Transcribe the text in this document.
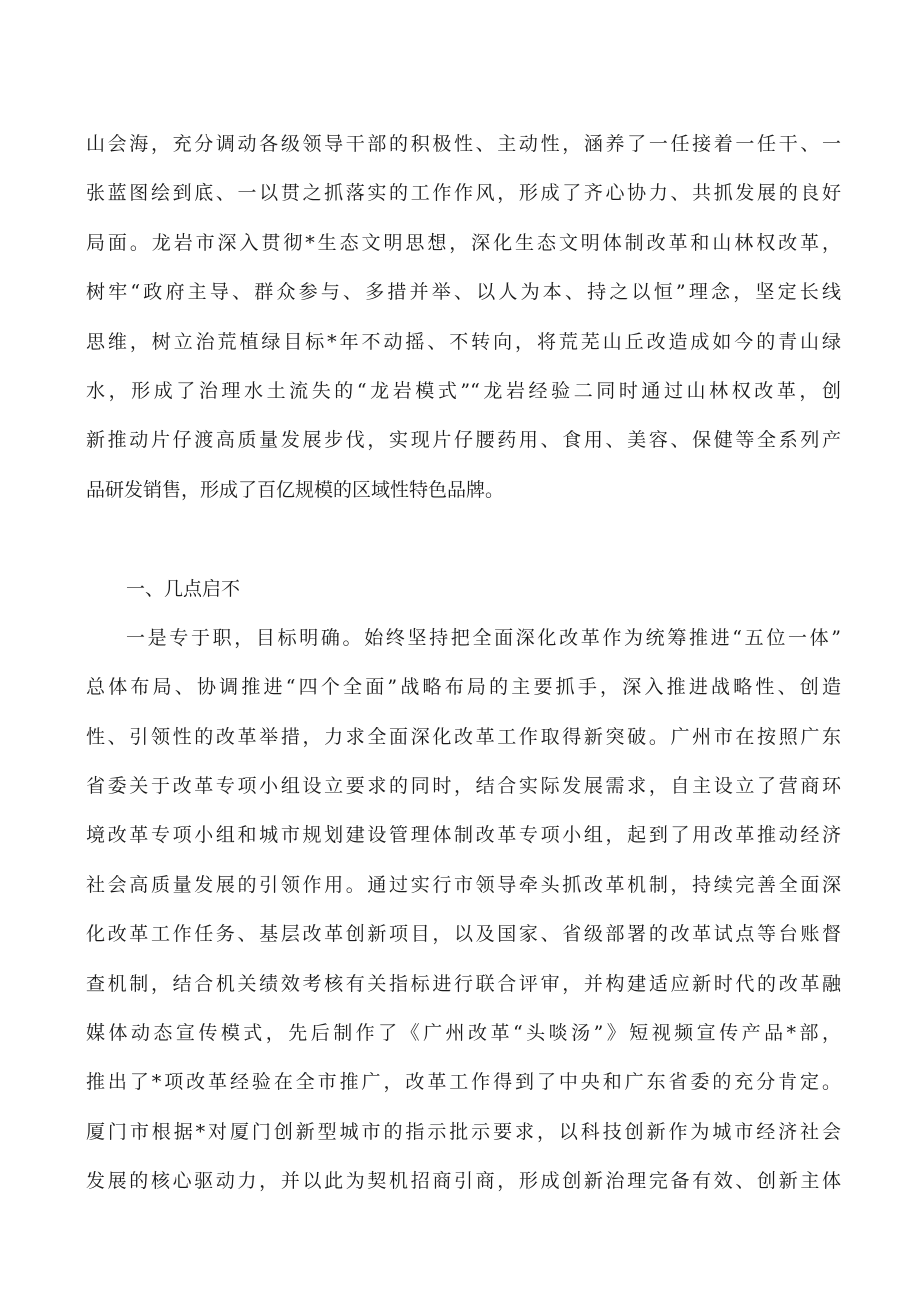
山会海，充分调动各级领导干部的积极性、主动性，涵养了一任接着一任干、一
张蓝图绘到底、一以贯之抓落实的工作作风，形成了齐心协力、共抓发展的良好
局面。龙岩市深入贯彻*生态文明思想，深化生态文明体制改革和山林权改革，
树牢“政府主导、群众参与、多措并举、以人为本、持之以恒”理念，坚定长线
思维，树立治荒植绿目标*年不动摇、不转向，将荒芜山丘改造成如今的青山绿
水，形成了治理水土流失的“龙岩模式”“龙岩经验二同时通过山林权改革，创
新推动片仔渡高质量发展步伐，实现片仔腰药用、食用、美容、保健等全系列产
品研发销售，形成了百亿规模的区域性特色品牌。
一、几点启不
一是专于职，目标明确。始终坚持把全面深化改革作为统筹推进“五位一体”
总体布局、协调推进“四个全面”战略布局的主要抓手，深入推进战略性、创造
性、引领性的改革举措，力求全面深化改革工作取得新突破。广州市在按照广东
省委关于改革专项小组设立要求的同时，结合实际发展需求，自主设立了营商环
境改革专项小组和城市规划建设管理体制改革专项小组，起到了用改革推动经济
社会高质量发展的引领作用。通过实行市领导牵头抓改革机制，持续完善全面深
化改革工作任务、基层改革创新项目，以及国家、省级部署的改革试点等台账督
查机制，结合机关绩效考核有关指标进行联合评审，并构建适应新时代的改革融
媒体动态宣传模式，先后制作了《广州改革“头啖汤”》短视频宣传产品*部，
推出了*项改革经验在全市推广，改革工作得到了中央和广东省委的充分肯定。
厦门市根据*对厦门创新型城市的指示批示要求，以科技创新作为城市经济社会
发展的核心驱动力，并以此为契机招商引商，形成创新治理完备有效、创新主体
